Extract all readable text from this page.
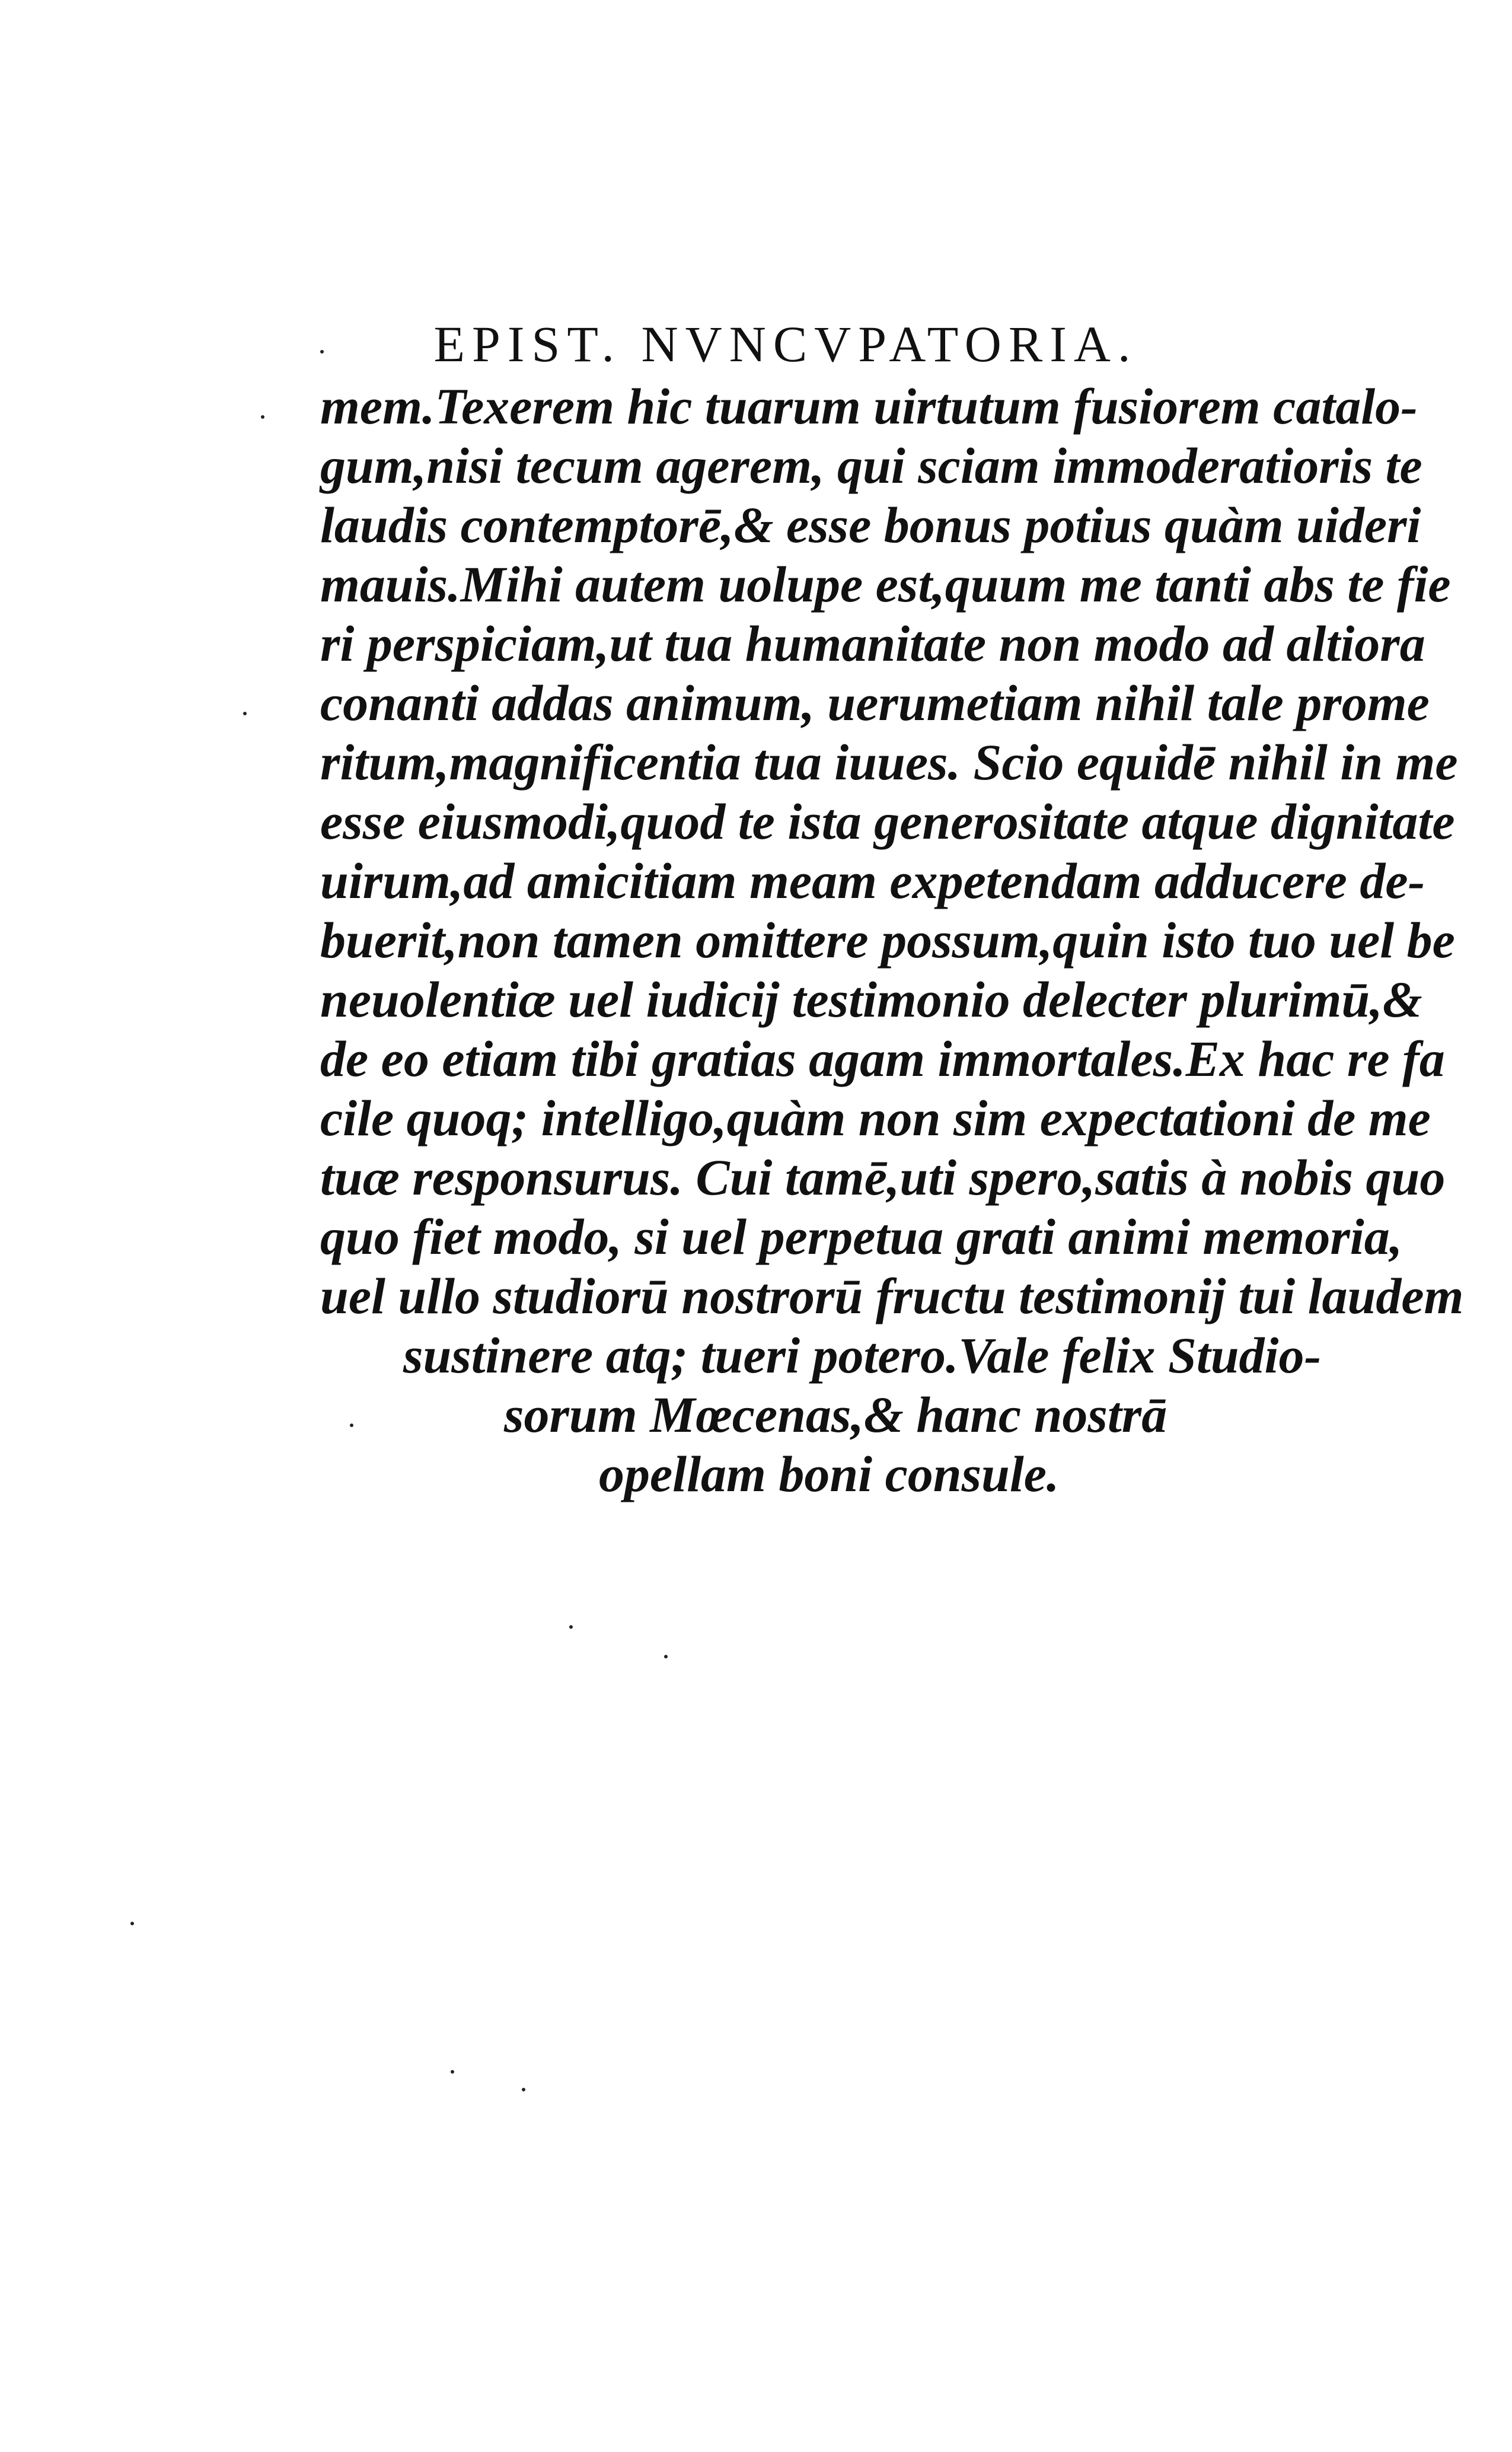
EPIST. NVNCVPATORIA.
mem.Texerem hic tuarum uirtutum fusiorem catalo-
gum,nisi tecum agerem, qui sciam immoderatioris te
laudis contemptorē,& esse bonus potius quàm uideri
mauis.Mihi autem uolupe est,quum me tanti abs te fie
ri perspiciam,ut tua humanitate non modo ad altiora
conanti addas animum, uerumetiam nihil tale prome
ritum,magnificentia tua iuues. Scio equidē nihil in me
esse eiusmodi,quod te ista generositate atque dignitate
uirum,ad amicitiam meam expetendam adducere de-
buerit,non tamen omittere possum,quin isto tuo uel be
neuolentiæ uel iudicij testimonio delecter plurimū,&
de eo etiam tibi gratias agam immortales.Ex hac re fa
cile quoq; intelligo,quàm non sim expectationi de me
tuæ responsurus. Cui tamē,uti spero,satis à nobis quo
quo fiet modo, si uel perpetua grati animi memoria,
uel ullo studiorū nostrorū fructu testimonij tui laudem
sustinere atq; tueri potero.Vale felix Studio-
sorum Mœcenas,& hanc nostrā
opellam boni consule.
